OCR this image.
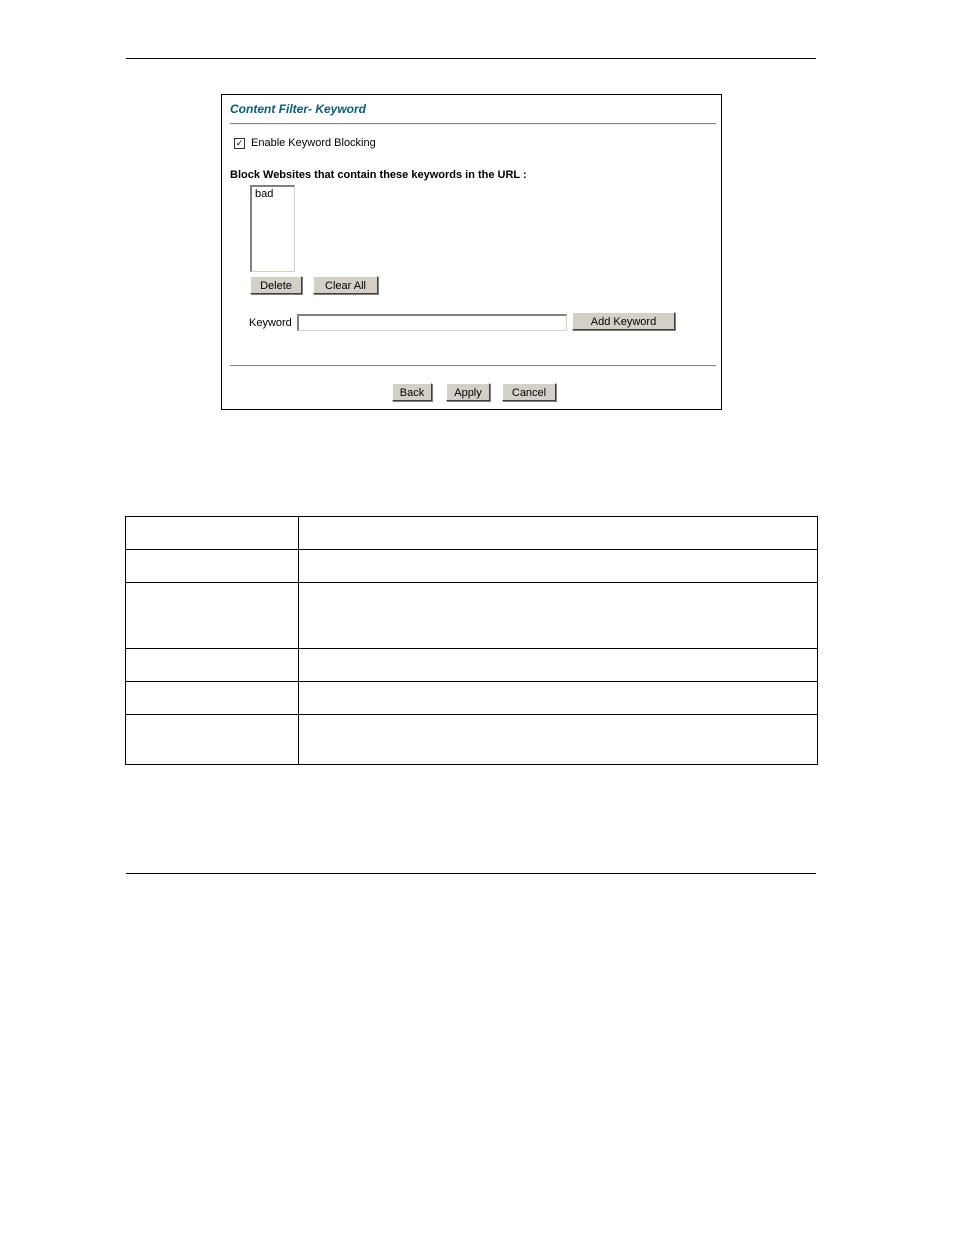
Content Filter- Keyword
✓ Enable Keyword Blocking
Block Websites that contain these keywords in the URL :
bad
Delete	Clear All
Keyword	Add Keyword
Back	Apply	Cancel
